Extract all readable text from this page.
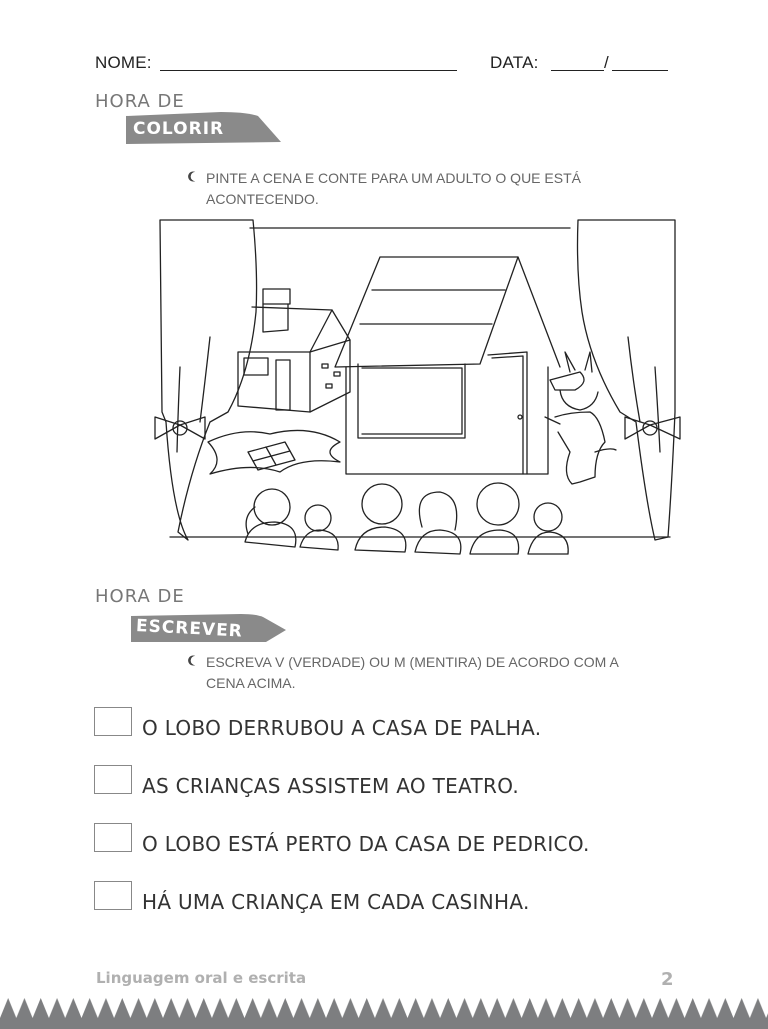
NOME:	DATA:	/
HORA DE
COLORIR
PINTE A CENA E CONTE PARA UM ADULTO O QUE ESTÁ
ACONTECENDO.
HORA DE
ESCREVER
ESCREVA V (VERDADE) OU M (MENTIRA) DE ACORDO COM A
CENA ACIMA.
O LOBO DERRUBOU A CASA DE PALHA.
AS CRIANÇAS ASSISTEM AO TEATRO.
O LOBO ESTÁ PERTO DA CASA DE PEDRICO.
HÁ UMA CRIANÇA EM CADA CASINHA.
Linguagem oral e escrita	2
